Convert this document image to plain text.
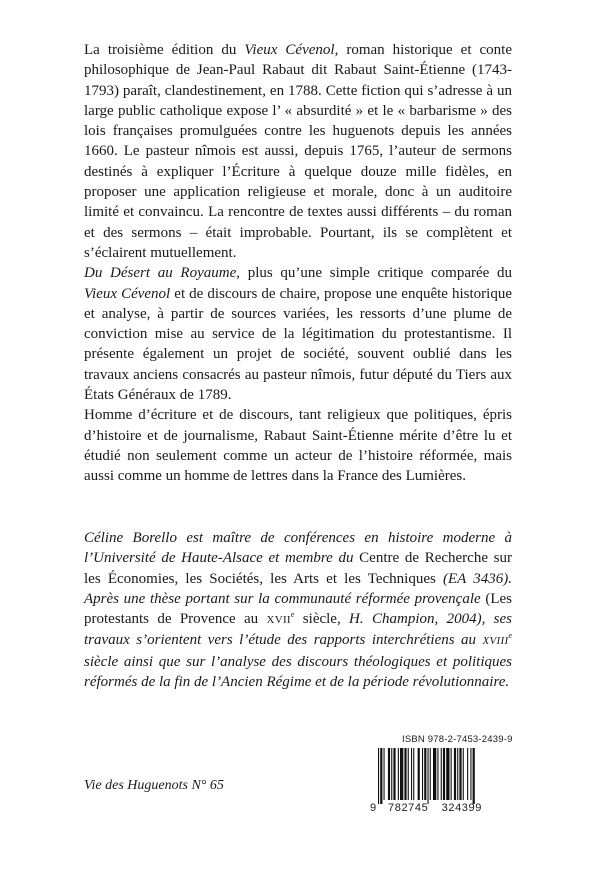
La troisième édition du Vieux Cévenol, roman historique et conte philosophique de Jean-Paul Rabaut dit Rabaut Saint-Étienne (1743-1793) paraît, clandestinement, en 1788. Cette fiction qui s’adresse à un large public catholique expose l’ « absurdité » et le « barbarisme » des lois françaises promulguées contre les huguenots depuis les années 1660. Le pasteur nîmois est aussi, depuis 1765, l’auteur de sermons destinés à expliquer l’Écriture à quelque douze mille fidèles, en proposer une application religieuse et morale, donc à un auditoire limité et convaincu. La rencontre de textes aussi différents – du roman et des sermons – était improbable. Pourtant, ils se complètent et s’éclairent mutuellement.

Du Désert au Royaume, plus qu’une simple critique comparée du Vieux Cévenol et de discours de chaire, propose une enquête historique et analyse, à partir de sources variées, les ressorts d’une plume de conviction mise au service de la légitimation du protestantisme. Il présente également un projet de société, souvent oublié dans les travaux anciens consacrés au pasteur nîmois, futur député du Tiers aux États Généraux de 1789.

Homme d’écriture et de discours, tant religieux que politiques, épris d’histoire et de journalisme, Rabaut Saint-Étienne mérite d’être lu et étudié non seulement comme un acteur de l’histoire réformée, mais aussi comme un homme de lettres dans la France des Lumières.

Céline Borello est maître de conférences en histoire moderne à l’Université de Haute-Alsace et membre du Centre de Recherche sur les Économies, les Sociétés, les Arts et les Techniques (EA 3436). Après une thèse portant sur la communauté réformée provençale (Les protestants de Provence au XVIIe siècle, H. Champion, 2004), ses travaux s’orientent vers l’étude des rapports interchrétiens au XVIIIe siècle ainsi que sur l’analyse des discours théologiques et politiques réformés de la fin de l’Ancien Régime et de la période révolutionnaire.

Vie des Huguenots N° 65
ISBN 978-2-7453-2439-9
9 782745 324399
